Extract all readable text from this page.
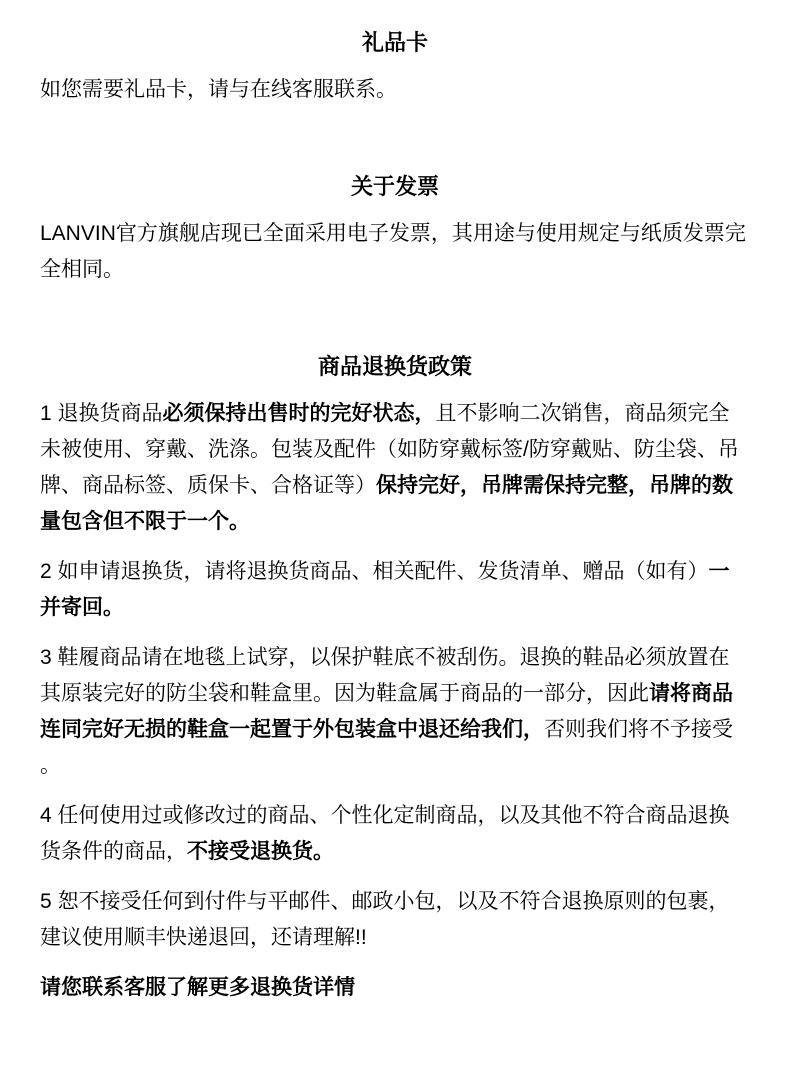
礼品卡

如您需要礼品卡，请与在线客服联系。

关于发票

LANVIN官方旗舰店现已全面采用电子发票，其用途与使用规定与纸质发票完全相同。

商品退换货政策

1 退换货商品必须保持出售时的完好状态，且不影响二次销售，商品须完全未被使用、穿戴、洗涤。包装及配件（如防穿戴标签/防穿戴贴、防尘袋、吊牌、商品标签、质保卡、合格证等）保持完好，吊牌需保持完整，吊牌的数量包含但不限于一个。

2 如申请退换货，请将退换货商品、相关配件、发货清单、赠品（如有）一并寄回。

3 鞋履商品请在地毯上试穿，以保护鞋底不被刮伤。退换的鞋品必须放置在其原装完好的防尘袋和鞋盒里。因为鞋盒属于商品的一部分，因此请将商品连同完好无损的鞋盒一起置于外包装盒中退还给我们，否则我们将不予接受。

4 任何使用过或修改过的商品、个性化定制商品，以及其他不符合商品退换货条件的商品，不接受退换货。

5 恕不接受任何到付件与平邮件、邮政小包，以及不符合退换原则的包裹，建议使用顺丰快递退回，还请理解!!

请您联系客服了解更多退换货详情
